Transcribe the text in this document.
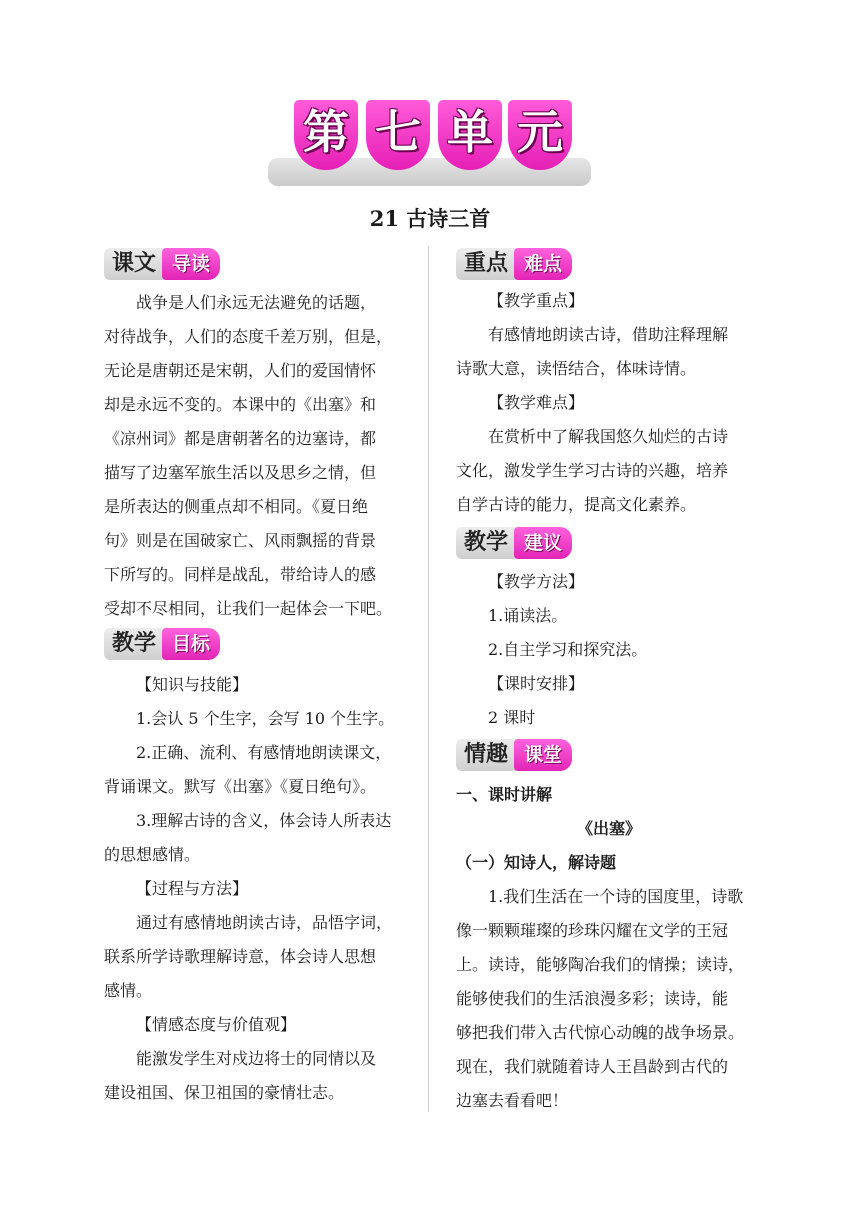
第 七 单 元
21 古诗三首
课文 导读

战争是人们永远无法避免的话题，

对待战争，人们的态度千差万别，但是，

无论是唐朝还是宋朝，人们的爱国情怀

却是永远不变的。本课中的《出塞》和

《凉州词》都是唐朝著名的边塞诗，都

描写了边塞军旅生活以及思乡之情，但

是所表达的侧重点却不相同。《夏日绝

句》则是在国破家亡、风雨飘摇的背景

下所写的。同样是战乱，带给诗人的感

受却不尽相同，让我们一起体会一下吧。

教学 目标

【知识与技能】

1.会认 5 个生字，会写 10 个生字。

2.正确、流利、有感情地朗读课文，

背诵课文。默写《出塞》《夏日绝句》。

3.理解古诗的含义，体会诗人所表达

的思想感情。

【过程与方法】

通过有感情地朗读古诗，品悟字词，

联系所学诗歌理解诗意，体会诗人思想

感情。

【情感态度与价值观】

能激发学生对戍边将士的同情以及

建设祖国、保卫祖国的豪情壮志。

重点 难点

【教学重点】

有感情地朗读古诗，借助注释理解

诗歌大意，读悟结合，体味诗情。

【教学难点】

在赏析中了解我国悠久灿烂的古诗

文化，激发学生学习古诗的兴趣，培养

自学古诗的能力，提高文化素养。

教学 建议

【教学方法】

1.诵读法。

2.自主学习和探究法。

【课时安排】

2 课时

情趣 课堂

一、课时讲解

《出塞》

（一）知诗人，解诗题

1.我们生活在一个诗的国度里，诗歌

像一颗颗璀璨的珍珠闪耀在文学的王冠

上。读诗，能够陶冶我们的情操；读诗，

能够使我们的生活浪漫多彩；读诗，能

够把我们带入古代惊心动魄的战争场景。

现在，我们就随着诗人王昌龄到古代的

边塞去看看吧！
